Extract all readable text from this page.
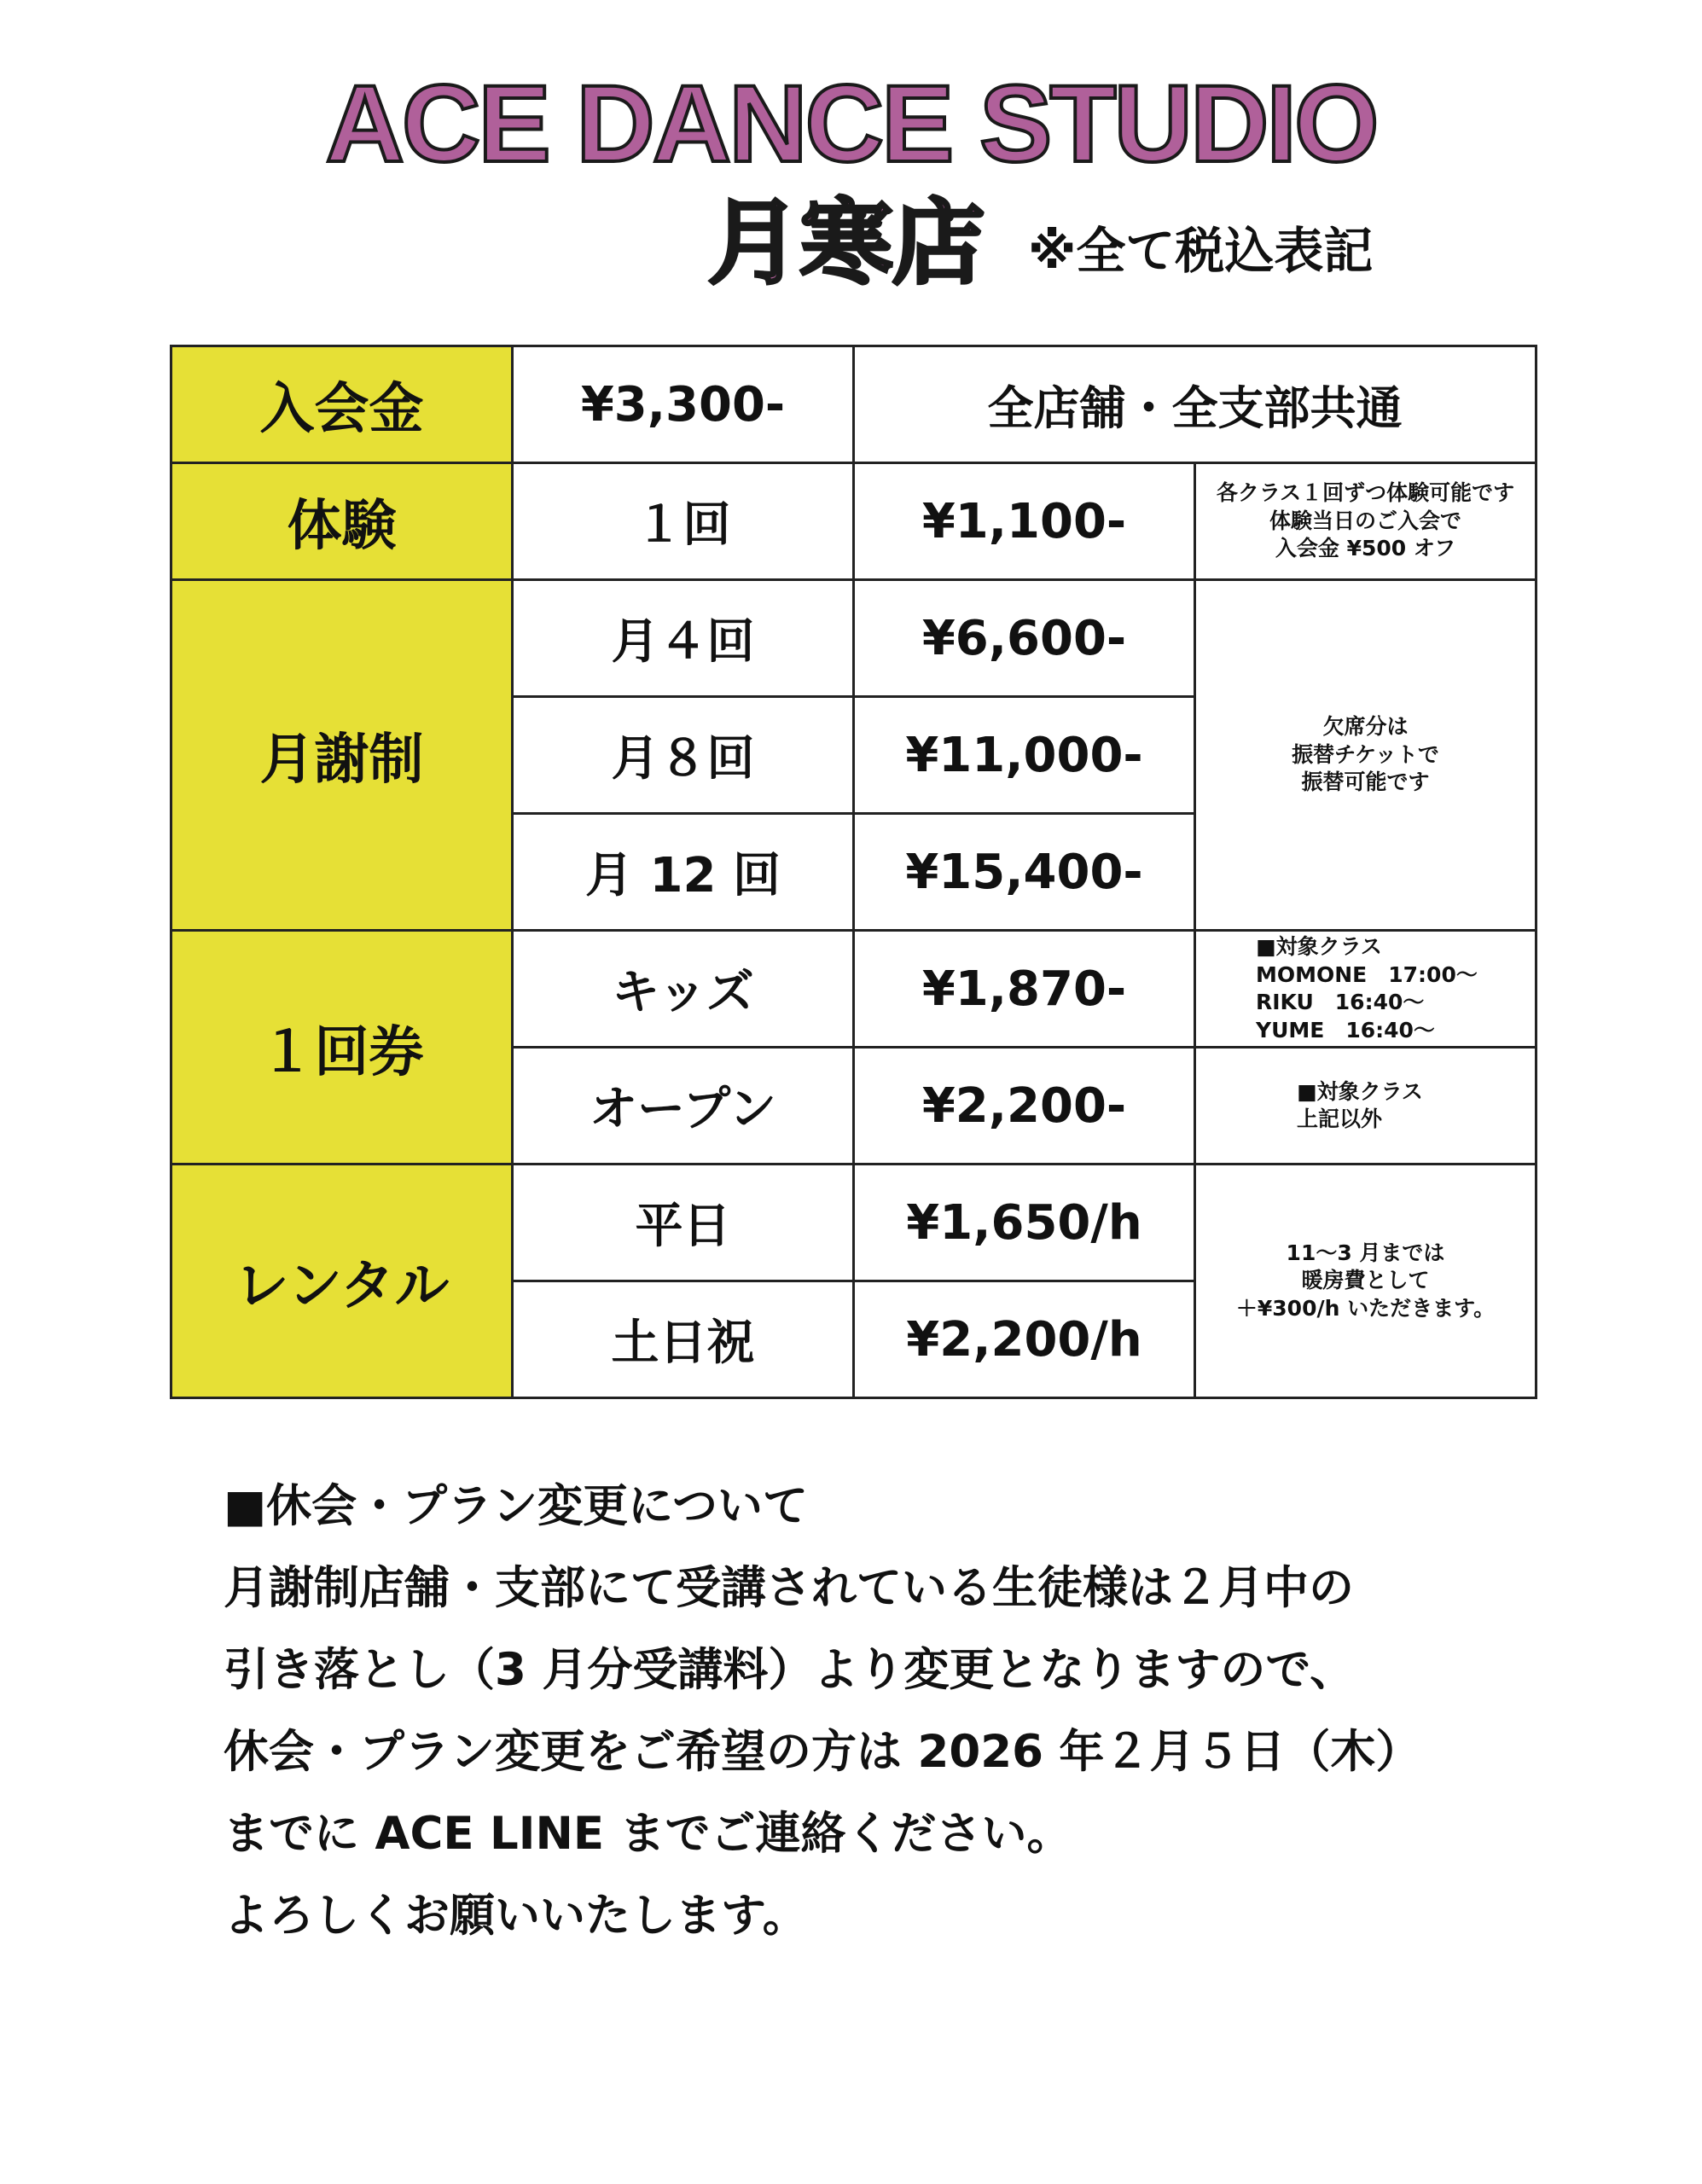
ACE DANCE STUDIO
月寒店 ※全て税込表記
入会金	¥3,300-	全店舗・全支部共通	
体験	１回	¥1,100-	各クラス１回ずつ体験可能です
体験当日のご入会で
入会金 ¥500 オフ

月謝制	月４回	¥6,600-	欠席分は
振替チケットで
振替可能です

	月８回	¥11,000-	
	月 12 回	¥15,400-	
１回券	キッズ	¥1,870-	■対象クラス
MOMONE　17:00～
RIKU　16:40～
YUME　16:40～

	オープン	¥2,200-	■対象クラス
上記以外

レンタル	平日	¥1,650/h	11～3 月までは
暖房費として
＋¥300/h いただきます。

	土日祝	¥2,200/h	
■休会・プラン変更について
月謝制店舗・支部にて受講されている生徒様は２月中の
引き落とし（3 月分受講料）より変更となりますので、
休会・プラン変更をご希望の方は 2026 年２月５日（木）
までに ACE LINE までご連絡ください。
よろしくお願いいたします。
